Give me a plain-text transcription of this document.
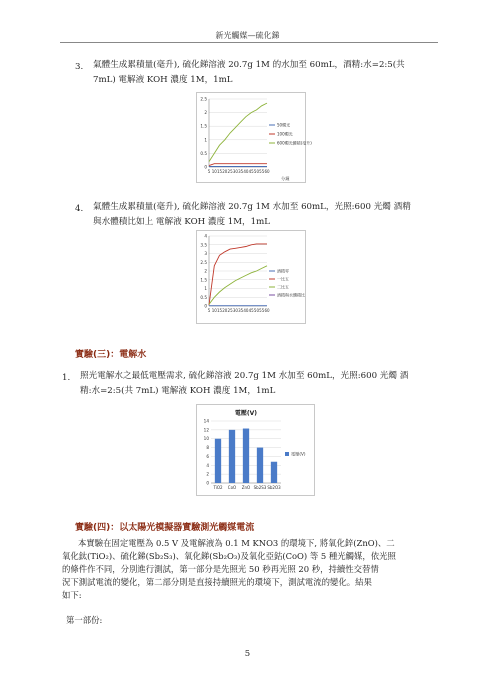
新光觸媒—硫化銻
3. 氣體生成累積量(毫升), 硫化銻溶液 20.7g 1M 的水加至 60mL，酒精:水=2:5(共
7mL) 電解液 KOH 濃度 1M，1mL
0
0.5
1
1.5
2
2.5
5 10 15 20 25 30 35 40 45 50 55 60
分鐘
50燭光
100燭光
600燭光體積(毫升)
4. 氣體生成累積量(毫升), 硫化銻溶液 20.7g 1M 水加至 60mL，光照:600 光燭 酒精
與水體積比如上 電解液 KOH 濃度 1M，1mL
0
0.5
1
1.5
2
2.5
3
3.5
4
5 10 15 20 25 30 35 40 45 50 55 60
酒精零
一比五
二比五
酒精與水體積比
實驗(三)：電解水
1. 照光電解水之最低電壓需求, 硫化銻溶液 20.7g 1M 水加至 60mL，光照:600 光燭 酒
精:水=2:5(共 7mL) 電解液 KOH 濃度 1M，1mL
電壓(V)
0
2
4
6
8
10
12
14
TiO2 CoO ZnO Sb2S3 Sb2O3
電壓(V)
實驗(四)：以太陽光模擬器實驗測光觸媒電流
本實驗在固定電壓為 0.5 V 及電解液為 0.1 M KNO3 的環境下, 將氧化鋅(ZnO)、二
氧化鈦(TiO₂)、硫化銻(Sb₂S₃)、氧化銻(Sb₂O₃)及氧化亞鈷(CoO) 等 5 種光觸媒，依光照
的條件作不同，分別進行測試，第一部分是先照光 50 秒再光照 20 秒，持續性交替情
況下測試電流的變化，第二部分則是直接持續照光的環境下，測試電流的變化。結果
如下:
第一部份:
5
